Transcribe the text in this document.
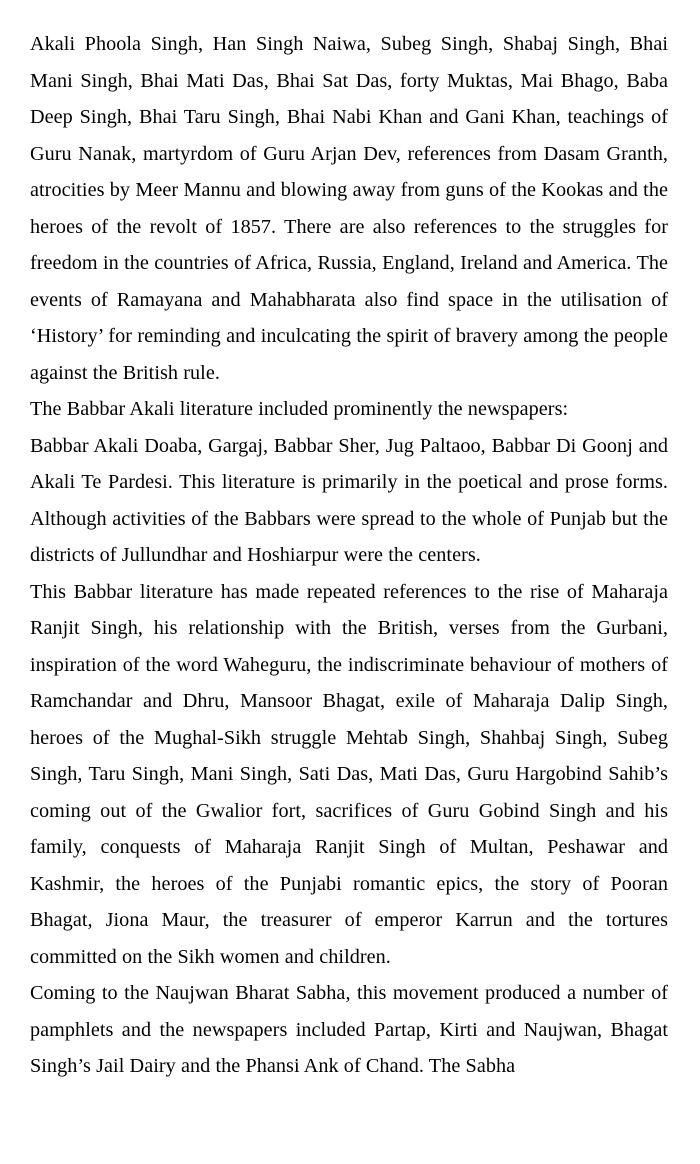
Akali Phoola Singh, Han Singh Naiwa, Subeg Singh, Shabaj Singh, Bhai Mani Singh, Bhai Mati Das, Bhai Sat Das, forty Muktas, Mai Bhago, Baba Deep Singh, Bhai Taru Singh, Bhai Nabi Khan and Gani Khan, teachings of Guru Nanak, martyrdom of Guru Arjan Dev, references from Dasam Granth, atrocities by Meer Mannu and blowing away from guns of the Kookas and the heroes of the revolt of 1857. There are also references to the struggles for freedom in the countries of Africa, Russia, England, Ireland and America. The events of Ramayana and Mahabharata also find space in the utilisation of ‘History’ for reminding and inculcating the spirit of bravery among the people against the British rule.

The Babbar Akali literature included prominently the newspapers:

Babbar Akali Doaba, Gargaj, Babbar Sher, Jug Paltaoo, Babbar Di Goonj and Akali Te Pardesi. This literature is primarily in the poetical and prose forms. Although activities of the Babbars were spread to the whole of Punjab but the districts of Jullundhar and Hoshiarpur were the centers.

This Babbar literature has made repeated references to the rise of Maharaja Ranjit Singh, his relationship with the British, verses from the Gurbani, inspiration of the word Waheguru, the indiscriminate behaviour of mothers of Ramchandar and Dhru, Mansoor Bhagat, exile of Maharaja Dalip Singh, heroes of the Mughal-Sikh struggle Mehtab Singh, Shahbaj Singh, Subeg Singh, Taru Singh, Mani Singh, Sati Das, Mati Das, Guru Hargobind Sahib’s coming out of the Gwalior fort, sacrifices of Guru Gobind Singh and his family, conquests of Maharaja Ranjit Singh of Multan, Peshawar and Kashmir, the heroes of the Punjabi romantic epics, the story of Pooran Bhagat, Jiona Maur, the treasurer of emperor Karrun and the tortures committed on the Sikh women and children.

Coming to the Naujwan Bharat Sabha, this movement produced a number of pamphlets and the newspapers included Partap, Kirti and Naujwan, Bhagat Singh’s Jail Dairy and the Phansi Ank of Chand. The Sabha
